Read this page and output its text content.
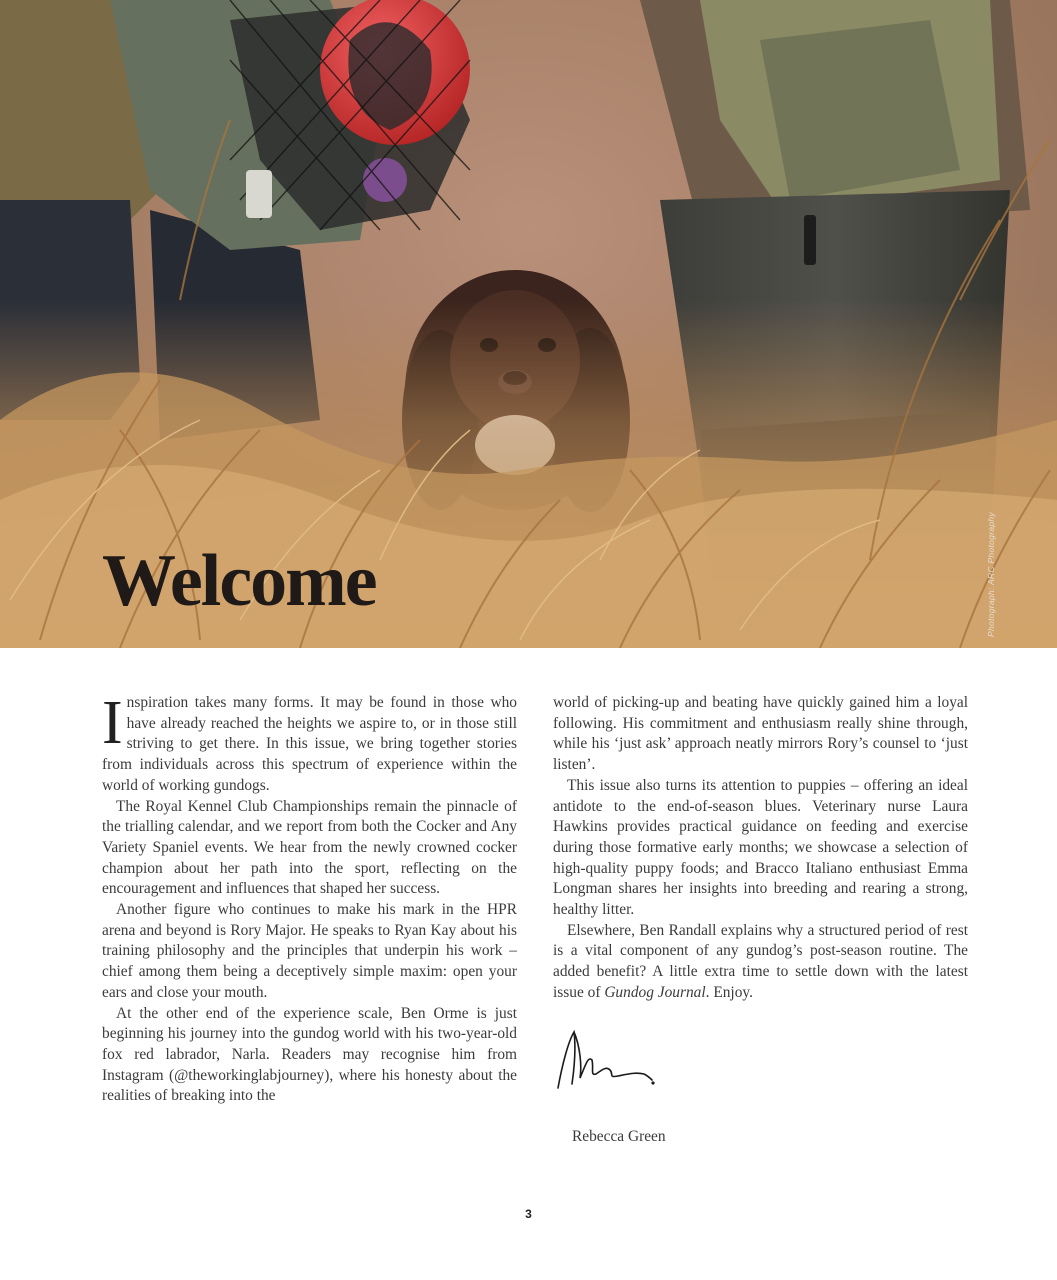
Welcome	Photograph: ARC Photography

Inspiration takes many forms. It may be found in those who have already reached the heights we aspire to, or in those still striving to get there. In this issue, we bring together stories from individuals across this spectrum of experience within the world of working gundogs.

The Royal Kennel Club Championships remain the pinnacle of the trialling calendar, and we report from both the Cocker and Any Variety Spaniel events. We hear from the newly crowned cocker champion about her path into the sport, reflecting on the encouragement and influences that shaped her success.

Another figure who continues to make his mark in the HPR arena and beyond is Rory Major. He speaks to Ryan Kay about his training philosophy and the principles that underpin his work – chief among them being a deceptively simple maxim: open your ears and close your mouth.

At the other end of the experience scale, Ben Orme is just beginning his journey into the gundog world with his two-year-old fox red labrador, Narla. Readers may recognise him from Instagram (@theworkinglabjourney), where his honesty about the realities of breaking into the

world of picking-up and beating have quickly gained him a loyal following. His commitment and enthusiasm really shine through, while his ‘just ask’ approach neatly mirrors Rory’s counsel to ‘just listen’.

This issue also turns its attention to puppies – offering an ideal antidote to the end-of-season blues. Veterinary nurse Laura Hawkins provides practical guidance on feeding and exercise during those formative early months; we showcase a selection of high-quality puppy foods; and Bracco Italiano enthusiast Emma Longman shares her insights into breeding and rearing a strong, healthy litter.

Elsewhere, Ben Randall explains why a structured period of rest is a vital component of any gundog’s post-season routine. The added benefit? A little extra time to settle down with the latest issue of Gundog Journal. Enjoy.

Rebecca Green
3
